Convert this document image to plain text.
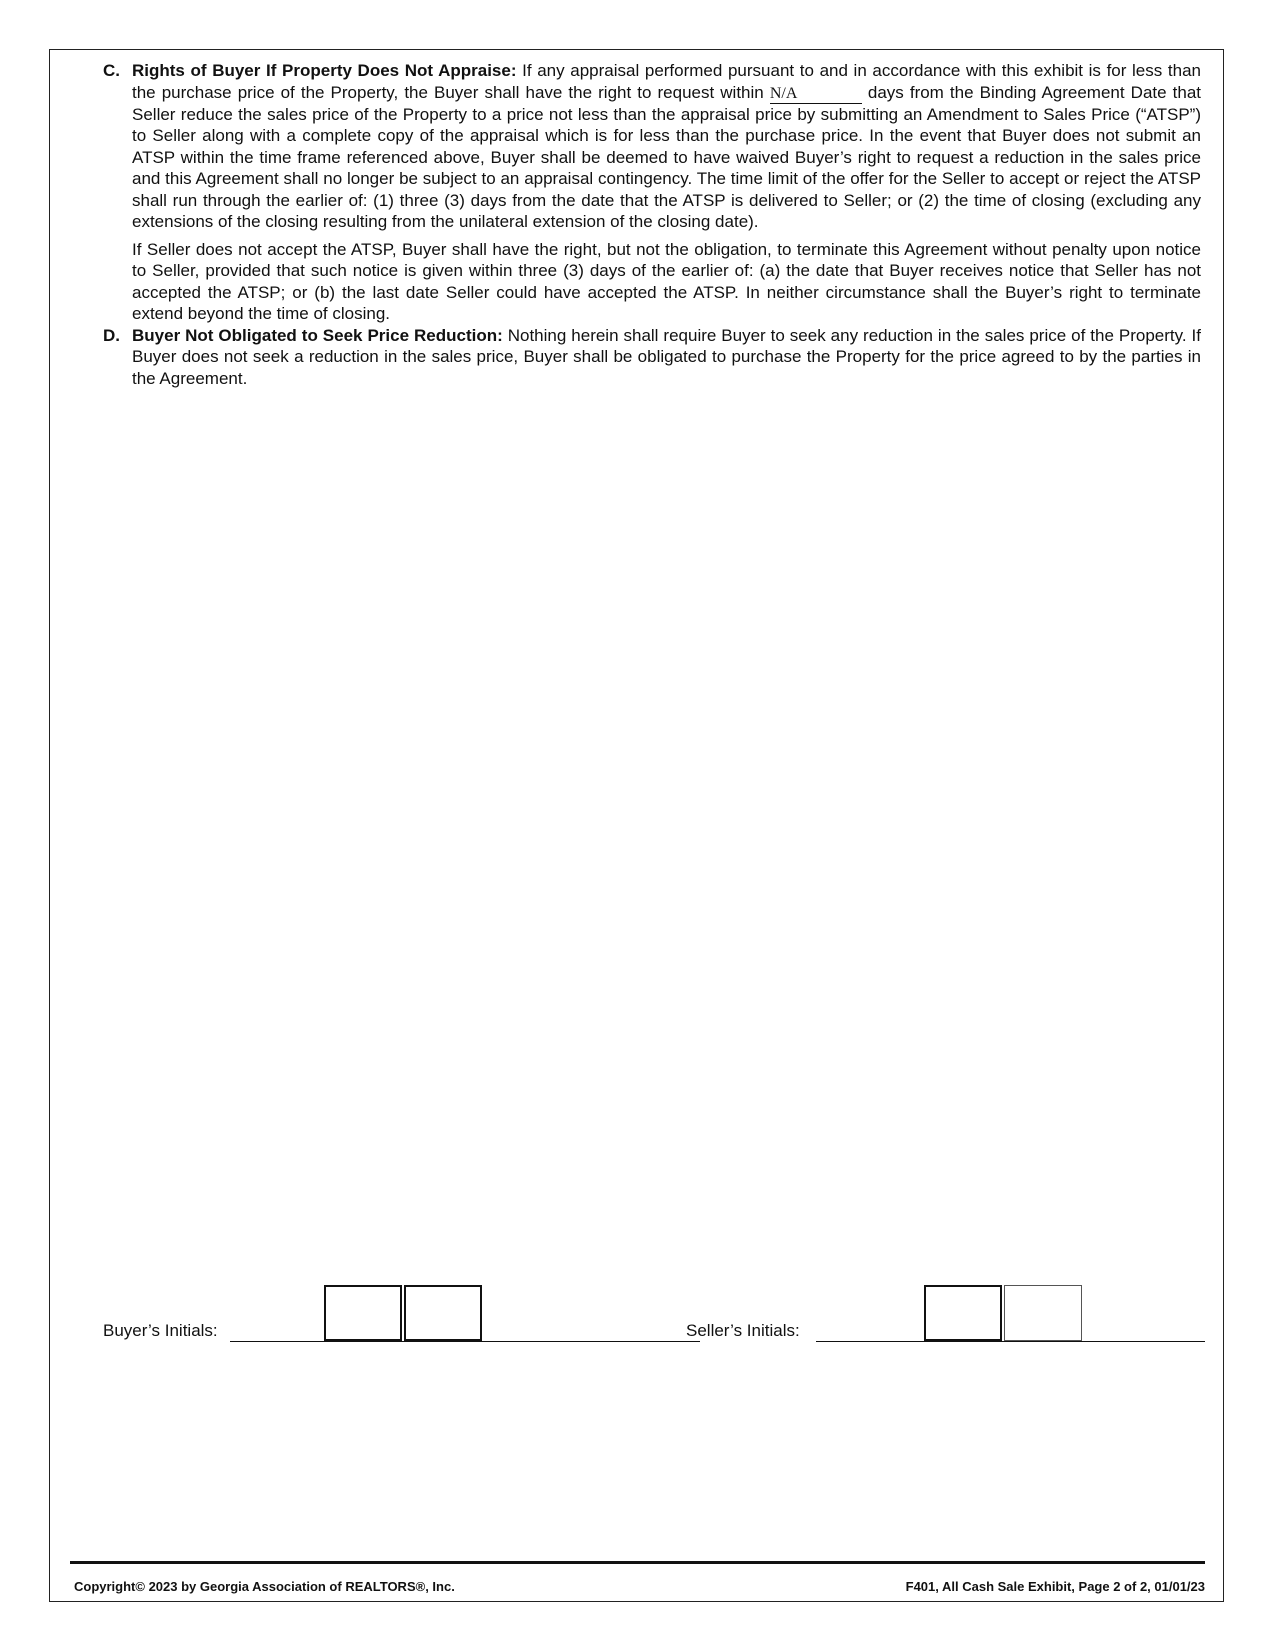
C. Rights of Buyer If Property Does Not Appraise: If any appraisal performed pursuant to and in accordance with this exhibit is for less than the purchase price of the Property, the Buyer shall have the right to request within N/A	days from the Binding Agreement Date that Seller reduce the sales price of the Property to a price not less than the appraisal price by submitting an Amendment to Sales Price (“ATSP”) to Seller along with a complete copy of the appraisal which is for less than the purchase price. In the event that Buyer does not submit an ATSP within the time frame referenced above, Buyer shall be deemed to have waived Buyer’s right to request a reduction in the sales price and this Agreement shall no longer be subject to an appraisal contingency. The time limit of the offer for the Seller to accept or reject the ATSP shall run through the earlier of: (1) three (3) days from the date that the ATSP is delivered to Seller; or (2) the time of closing (excluding any extensions of the closing resulting from the unilateral extension of the closing date).
If Seller does not accept the ATSP, Buyer shall have the right, but not the obligation, to terminate this Agreement without penalty upon notice to Seller, provided that such notice is given within three (3) days of the earlier of: (a) the date that Buyer receives notice that Seller has not accepted the ATSP; or (b) the last date Seller could have accepted the ATSP. In neither circumstance shall the Buyer’s right to terminate extend beyond the time of closing.
D. Buyer Not Obligated to Seek Price Reduction: Nothing herein shall require Buyer to seek any reduction in the sales price of the Property. If Buyer does not seek a reduction in the sales price, Buyer shall be obligated to purchase the Property for the price agreed to by the parties in the Agreement.
Buyer’s Initials:	Seller’s Initials:
Copyright© 2023 by Georgia Association of REALTORS®, Inc.	F401, All Cash Sale Exhibit, Page 2 of 2, 01/01/23
